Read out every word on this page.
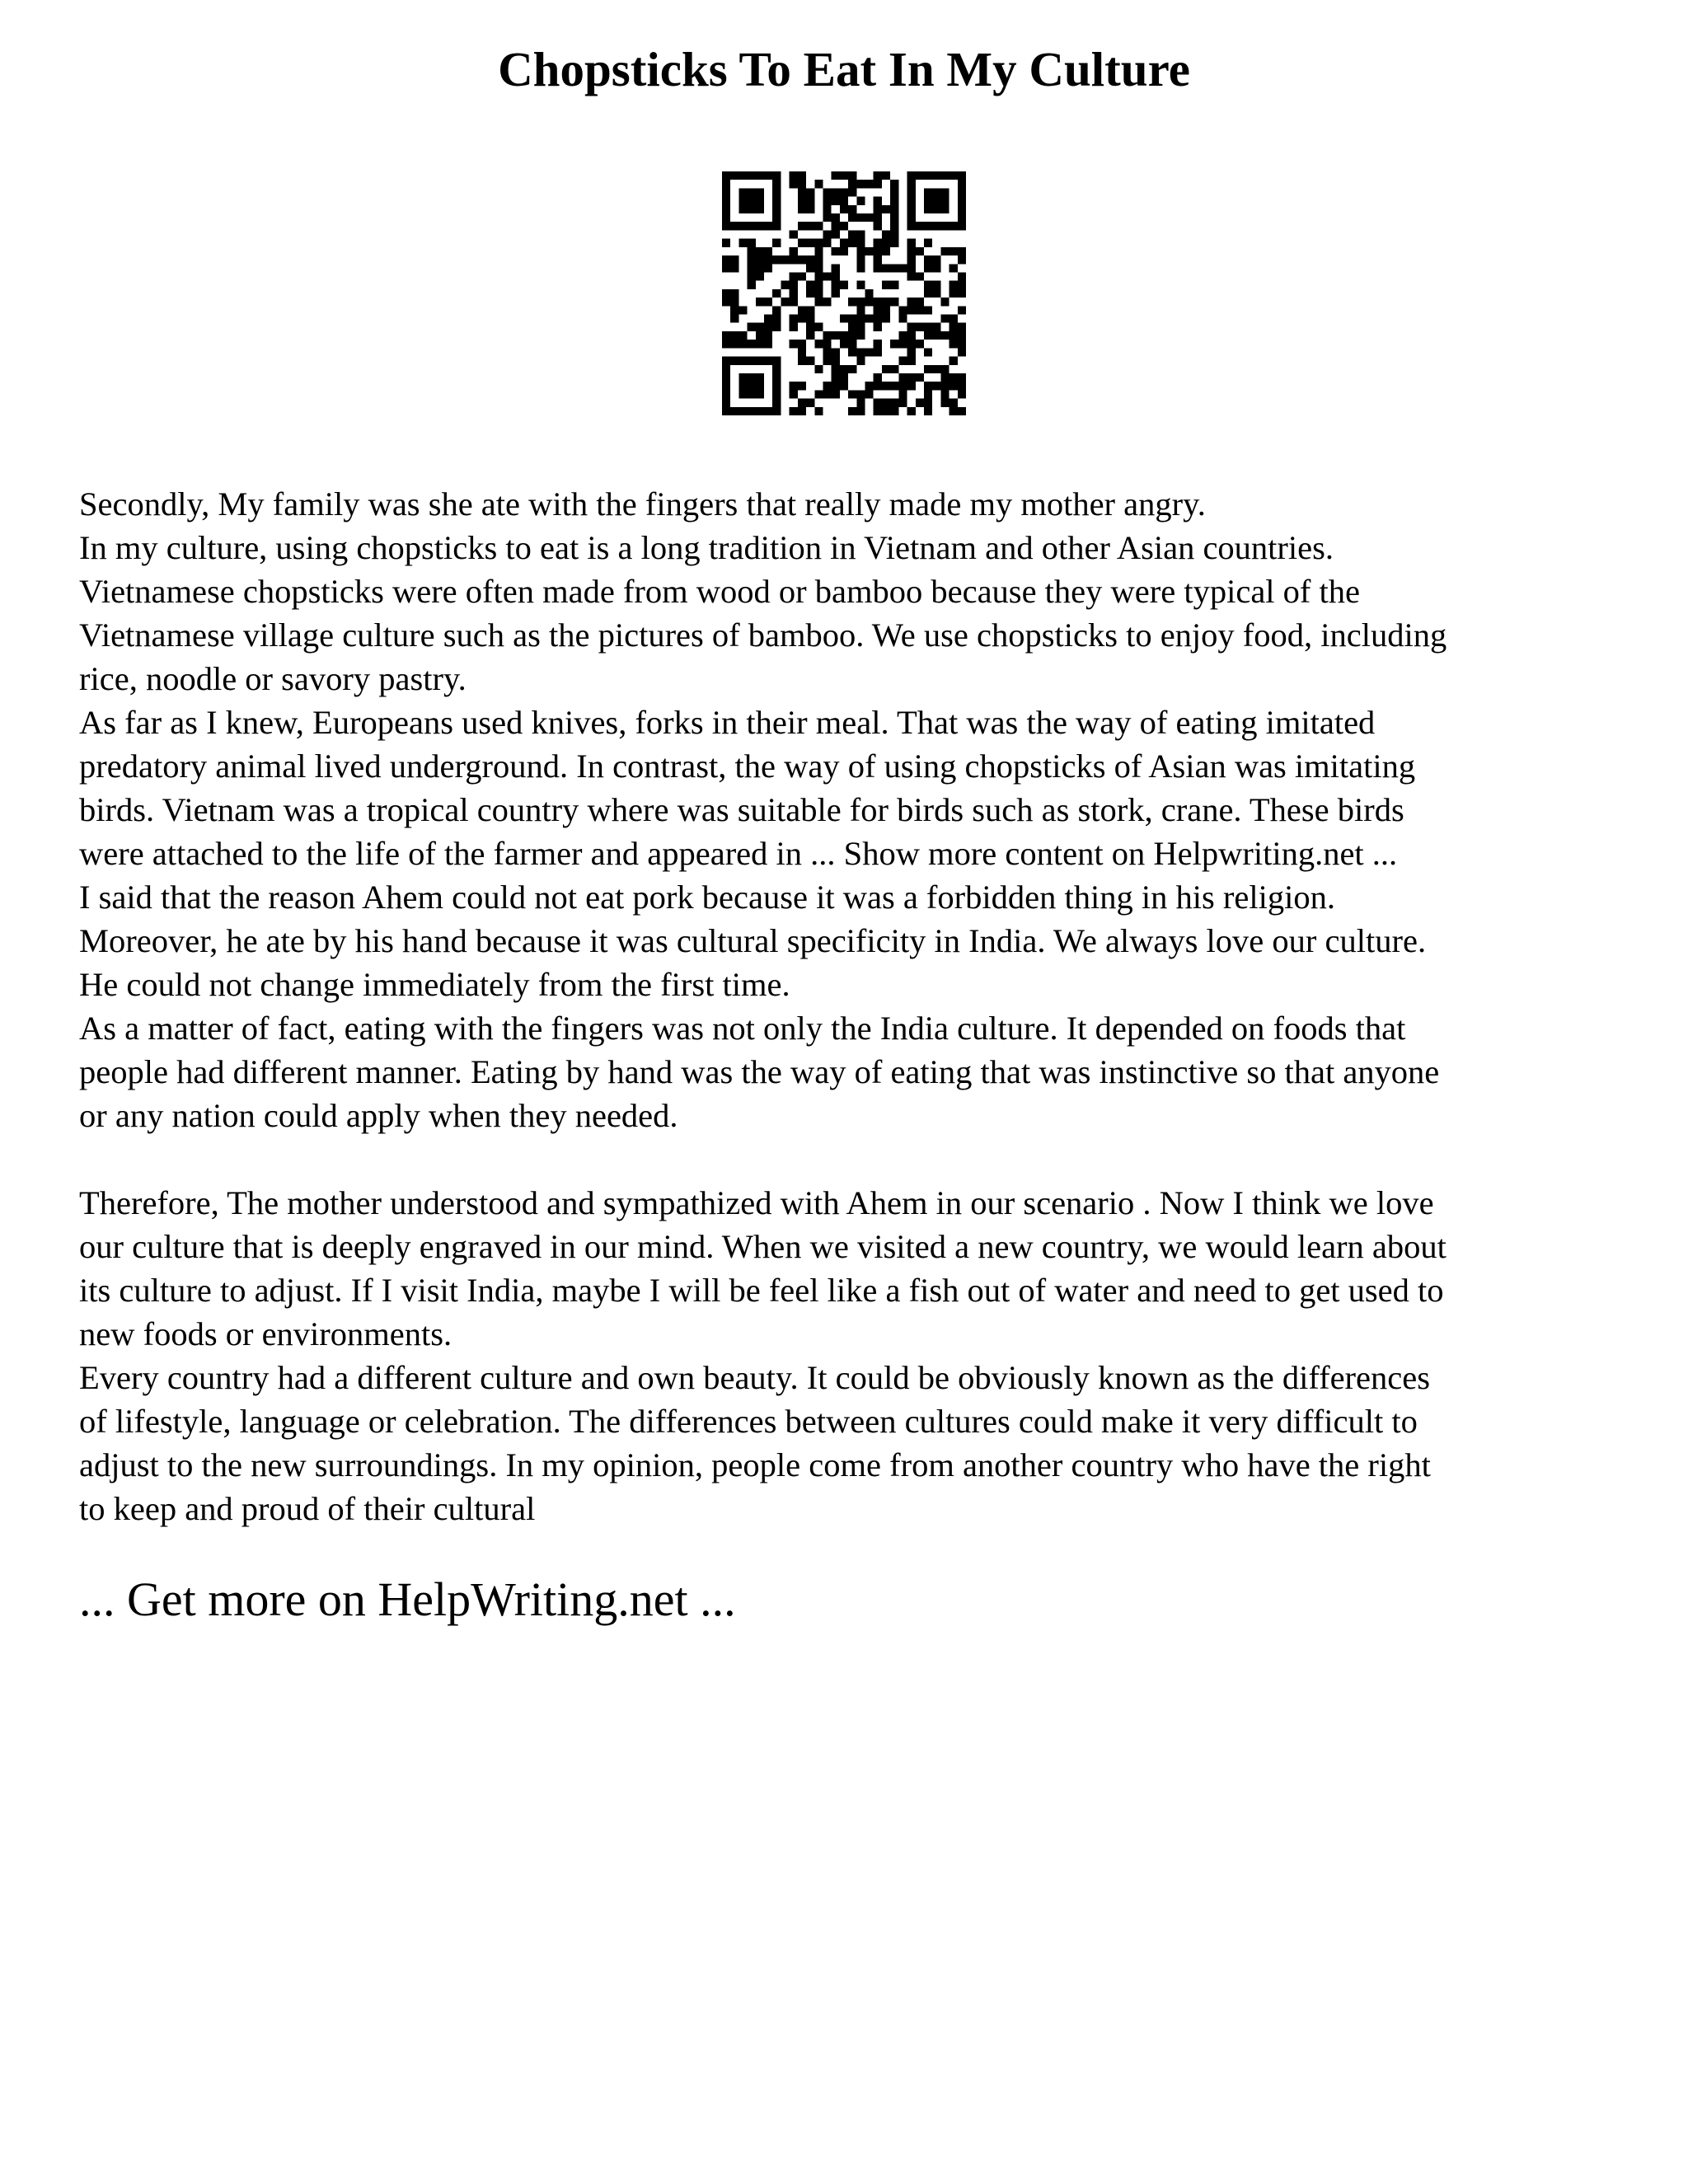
Chopsticks To Eat In My Culture

Secondly, My family was she ate with the fingers that really made my mother angry.
In my culture, using chopsticks to eat is a long tradition in Vietnam and other Asian countries.
Vietnamese chopsticks were often made from wood or bamboo because they were typical of the
Vietnamese village culture such as the pictures of bamboo. We use chopsticks to enjoy food, including
rice, noodle or savory pastry.
As far as I knew, Europeans used knives, forks in their meal. That was the way of eating imitated
predatory animal lived underground. In contrast, the way of using chopsticks of Asian was imitating
birds. Vietnam was a tropical country where was suitable for birds such as stork, crane. These birds
were attached to the life of the farmer and appeared in ... Show more content on Helpwriting.net ...
I said that the reason Ahem could not eat pork because it was a forbidden thing in his religion.
Moreover, he ate by his hand because it was cultural specificity in India. We always love our culture.
He could not change immediately from the first time.
As a matter of fact, eating with the fingers was not only the India culture. It depended on foods that
people had different manner. Eating by hand was the way of eating that was instinctive so that anyone
or any nation could apply when they needed.

Therefore, The mother understood and sympathized with Ahem in our scenario . Now I think we love
our culture that is deeply engraved in our mind. When we visited a new country, we would learn about
its culture to adjust. If I visit India, maybe I will be feel like a fish out of water and need to get used to
new foods or environments.
Every country had a different culture and own beauty. It could be obviously known as the differences
of lifestyle, language or celebration. The differences between cultures could make it very difficult to
adjust to the new surroundings. In my opinion, people come from another country who have the right
to keep and proud of their cultural

... Get more on HelpWriting.net ...
